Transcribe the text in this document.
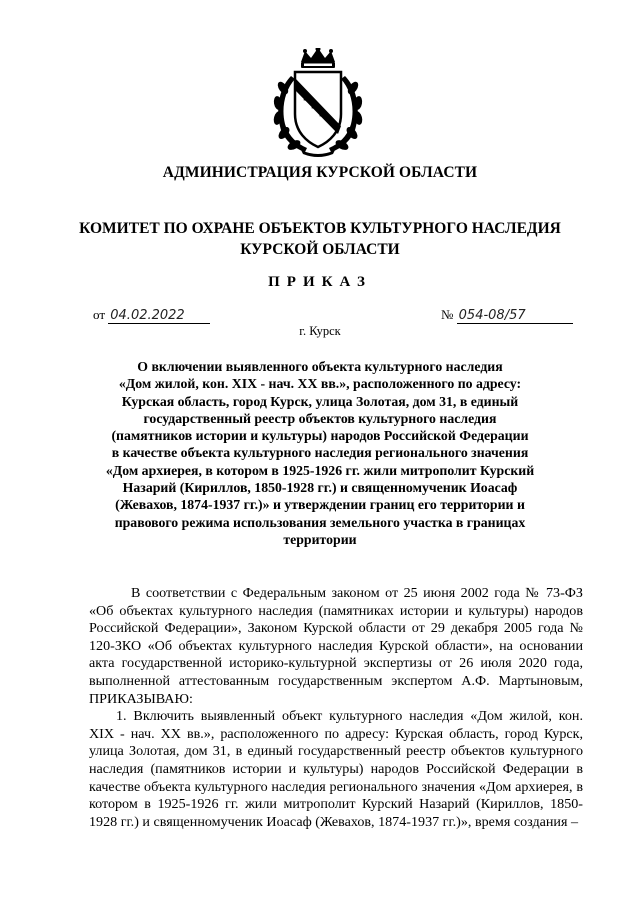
АДМИНИСТРАЦИЯ КУРСКОЙ ОБЛАСТИ
КОМИТЕТ ПО ОХРАНЕ ОБЪЕКТОВ КУЛЬТУРНОГО НАСЛЕДИЯ
КУРСКОЙ ОБЛАСТИ
ПРИКАЗ
от 04.02.2022	№ 054-08/57
г. Курск
О включении выявленного объекта культурного наследия
«Дом жилой, кон. XIX - нач. XX вв.», расположенного по адресу:
Курская область, город Курск, улица Золотая, дом 31, в единый
государственный реестр объектов культурного наследия
(памятников истории и культуры) народов Российской Федерации
в качестве объекта культурного наследия регионального значения
«Дом архиерея, в котором в 1925-1926 гг. жили митрополит Курский
Назарий (Кириллов, 1850-1928 гг.) и священномученик Иоасаф
(Жевахов, 1874-1937 гг.)» и утверждении границ его территории и
правового режима использования земельного участка в границах
территории

В соответствии с Федеральным законом от 25 июня 2002 года № 73-ФЗ «Об объектах культурного наследия (памятниках истории и культуры) народов Российской Федерации», Законом Курской области от 29 декабря 2005 года № 120-ЗКО «Об объектах культурного наследия Курской области», на основании акта государственной историко-культурной экспертизы от 26 июля 2020 года, выполненной аттестованным государственным экспертом А.Ф. Мартыновым, ПРИКАЗЫВАЮ:

1. Включить выявленный объект культурного наследия «Дом жилой, кон. XIX - нач. XX вв.», расположенного по адресу: Курская область, город Курск, улица Золотая, дом 31, в единый государственный реестр объектов культурного наследия (памятников истории и культуры) народов Российской Федерации в качестве объекта культурного наследия регионального значения «Дом архиерея, в котором в 1925-1926 гг. жили митрополит Курский Назарий (Кириллов, 1850-1928 гг.) и священномученик Иоасаф (Жевахов, 1874-1937 гг.)», время создания –
